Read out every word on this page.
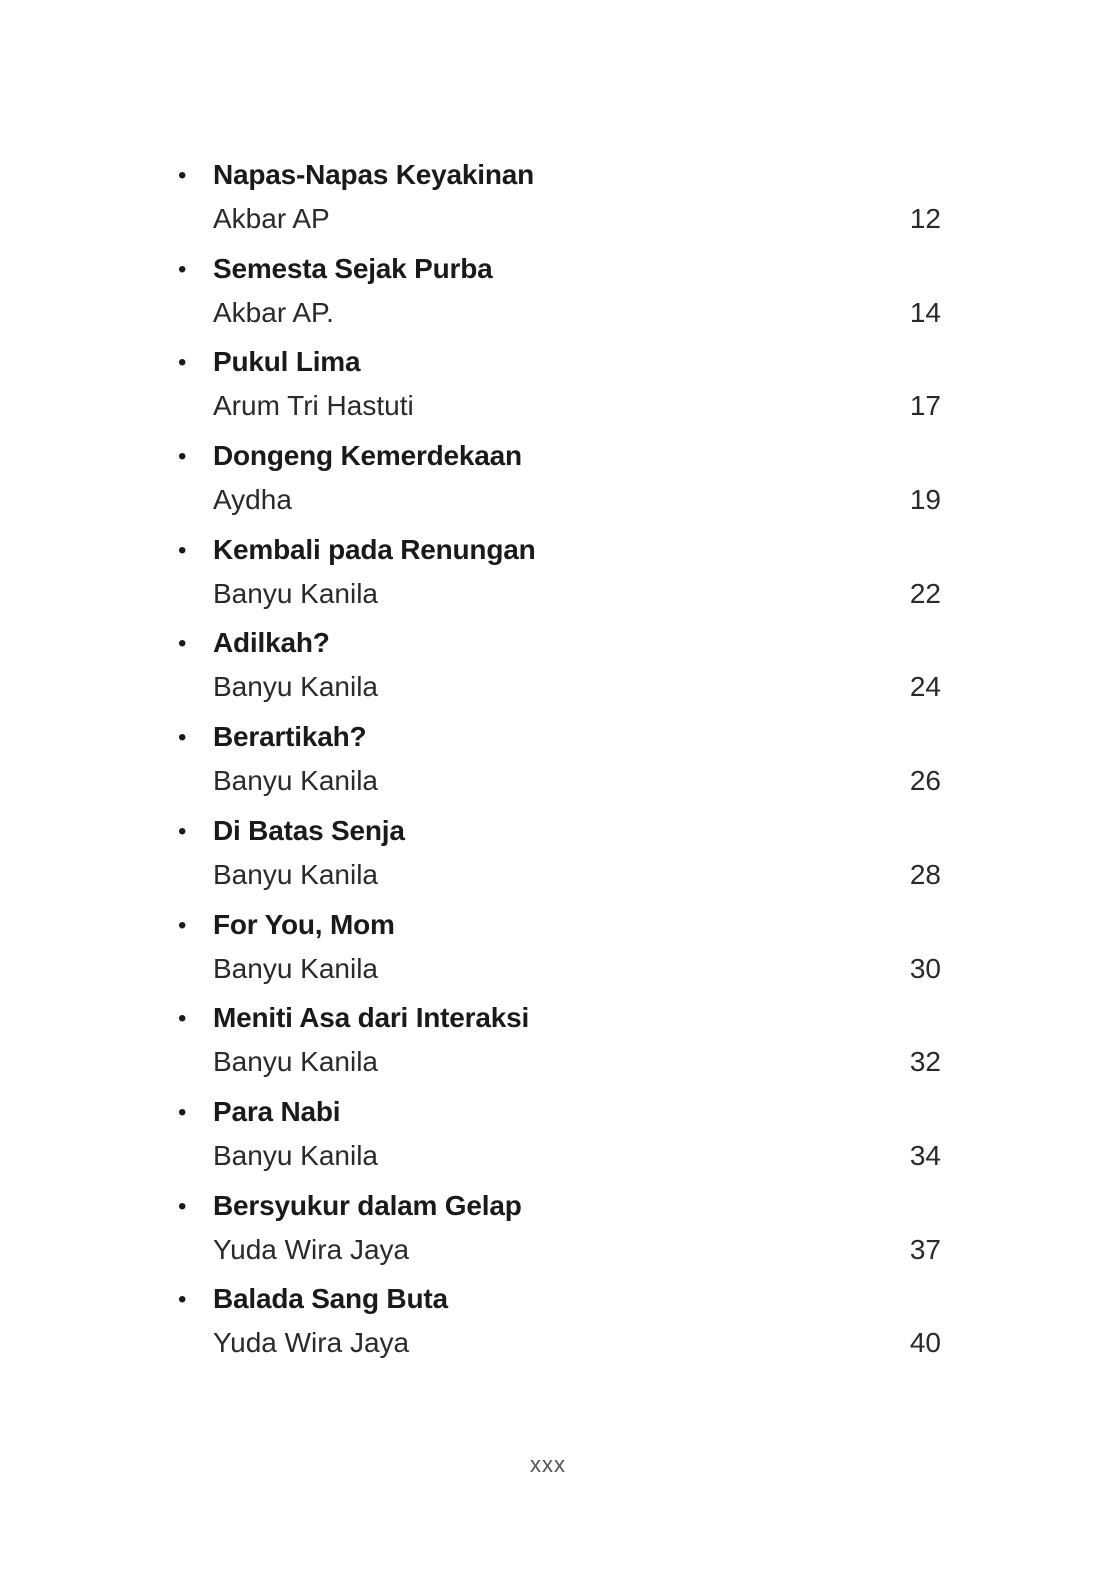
• Napas-Napas Keyakinan
Akbar AP	12
• Semesta Sejak Purba
Akbar AP.	14
• Pukul Lima
Arum Tri Hastuti	17
• Dongeng Kemerdekaan
Aydha	19
• Kembali pada Renungan
Banyu Kanila	22
• Adilkah?
Banyu Kanila	24
• Berartikah?
Banyu Kanila	26
• Di Batas Senja
Banyu Kanila	28
• For You, Mom
Banyu Kanila	30
• Meniti Asa dari Interaksi
Banyu Kanila	32
• Para Nabi
Banyu Kanila	34
• Bersyukur dalam Gelap
Yuda Wira Jaya	37
• Balada Sang Buta
Yuda Wira Jaya	40
xxx
